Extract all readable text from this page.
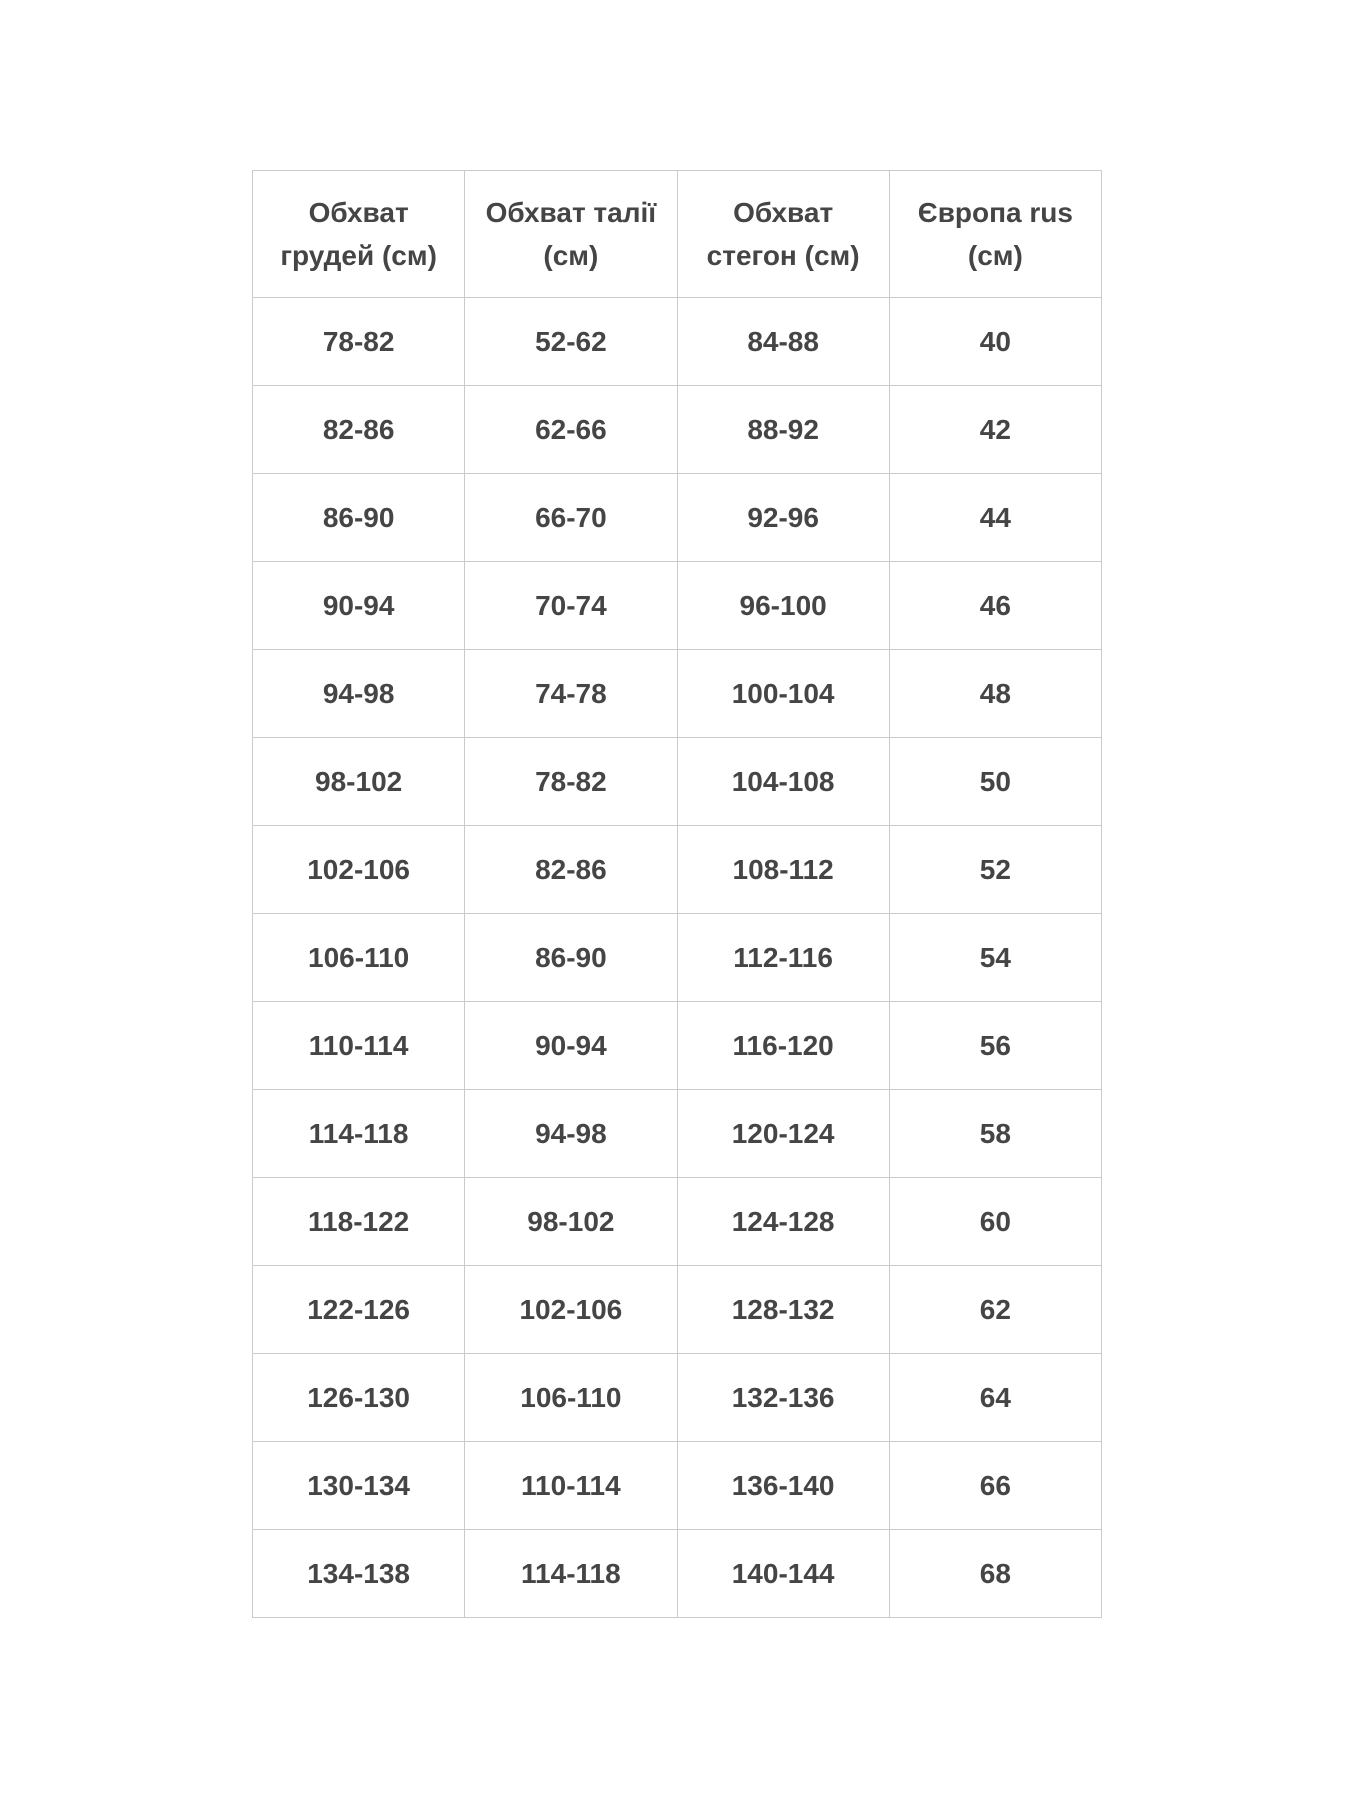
Обхват грудей (см)	Обхват талії (см)	Обхват стегон (см)	Європа rus (см)
78-82	52-62	84-88	40
82-86	62-66	88-92	42
86-90	66-70	92-96	44
90-94	70-74	96-100	46
94-98	74-78	100-104	48
98-102	78-82	104-108	50
102-106	82-86	108-112	52
106-110	86-90	112-116	54
110-114	90-94	116-120	56
114-118	94-98	120-124	58
118-122	98-102	124-128	60
122-126	102-106	128-132	62
126-130	106-110	132-136	64
130-134	110-114	136-140	66
134-138	114-118	140-144	68
